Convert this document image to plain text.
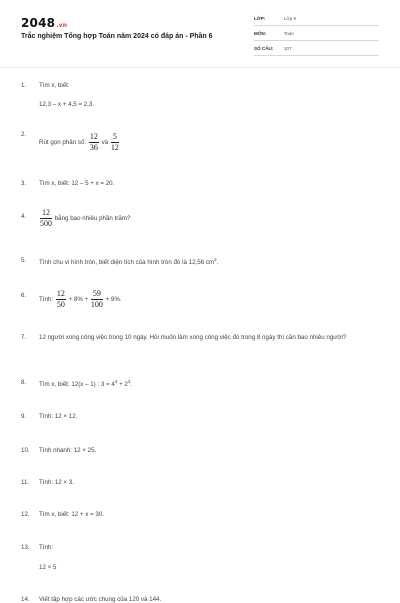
2048.vn
Trắc nghiệm Tổng hợp Toán năm 2024 có đáp án - Phần 6
LỚP:	Lớp 9
MÔN:	Toán
SỐ CÂU: 107
1. Tìm x, biết:
12,3 – x + 4,5 = 2,3.
2.
Rút gọn phân số: $\frac{12}{36}$ và $\frac{5}{12}$
3. Tìm x, biết: 12 – 5 + x = 20.
4. $\frac{12}{500}$ bằng bao nhiêu phần trăm?
5. Tính chu vi hình tròn, biết diện tích của hình tròn đó là 12,56 $cm^2$.
6.
Tính: $\frac{12}{50} + 8\% + \frac{59}{100} + 9\%$.
7. 12 người xong công việc trong 10 ngày. Hỏi muốn làm xong công việc đó trong 8 ngày thì cần bao nhiêu người?
8. Tìm x, biết: 12(x – 1) : $3 = 4^3 + 2^3$.
9. Tính: 12 × 12.
10. Tính nhanh: 12 × 25.
11. Tính: 12 × 3.
12. Tìm x, biết: 12 + x = 30.
13. Tính:
12 × 5
14. Viết tập hợp các ước chung của 120 và 144.
